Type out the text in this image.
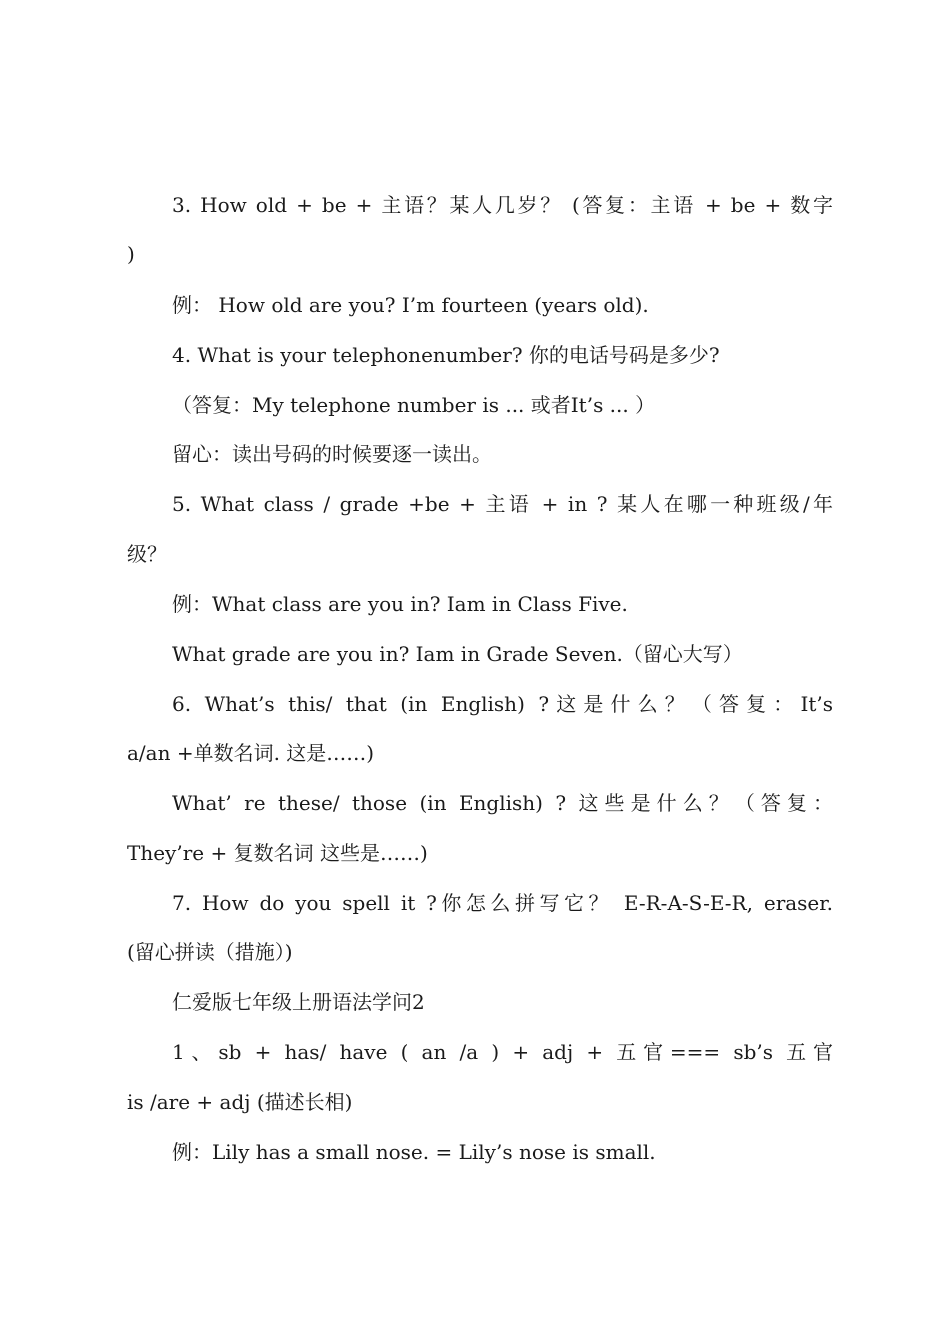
3. How old + be + 主语？某人几岁？ (答复：主语 + be + 数字
)
例： How old are you? I’m fourteen (years old).
4. What is your telephonenumber? 你的电话号码是多少?
（答复：My telephone number is ... 或者It’s ... ）
留心：读出号码的时候要逐一读出。
5. What class / grade +be + 主语 + in ? 某人在哪一种班级/年
级？
例：What class are you in? Iam in Class Five.
What grade are you in? Iam in Grade Seven.（留心大写）
6. What’s this/ that (in English) ?这是什么？（答复：It’s
a/an +单数名词. 这是……)
What’ re these/ those (in English) ? 这些是什么？（答复：
They’re + 复数名词 这些是……)
7. How do you spell it ?你怎么拼写它？ E-R-A-S-E-R, eraser.
(留心拼读（措施）)
仁爱版七年级上册语法学问2
1、sb + has/ have ( an /a ) + adj + 五官=== sb’s 五官
is /are + adj (描述长相)
例：Lily has a small nose. = Lily’s nose is small.
